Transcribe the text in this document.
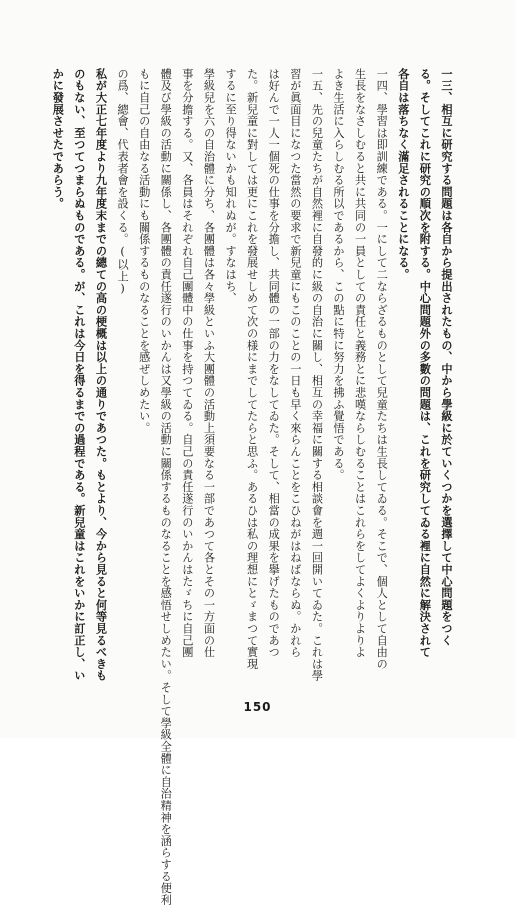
一三、相互に研究する問題は各自から提出されたもの、中から學級に於ていくつかを選擇して中心問題をつく
る。そしてこれに研究の順次を附する。中心問題外の多數の問題は、これを研究してゐる裡に自然に解決されて
各自は落ちなく滿足されることになる。
一四、學習は即訓練である。一にして二ならざるものとして兒童たちは生長してゐる。そこで、個人として自由の
生長をなさしむると共に共同の一員としての責任と義務とに悲嘆ならしむることはこれらをしてよくよりよりよ
よき生活に入らしむる所以であるから、この點に特に努力を拂ふ覺悟である。
一五、先の兒童たちが自然裡に自發的に級の自治に關し、相互の幸福に關する相談會を週一回開いてゐた。これは學
習が眞面目になつた當然の要求で新兒童にもこのことの一日も早く來らんことをこひねがはねばならぬ。かれら
は好んで一人一個死の仕事を分擔し、共同體の一部の力をなしてゐた。そして、相當の成果を擧げたものであつ
た。新兒童に對しては更にこれを發展せしめて次の様にまでしてたらと思ふ。あるひは私の理想にとゞまつて實現
するに至り得ないかも知れぬが。すなはち、
學級兒を六の自治體に分ち、各團體は各々學級といふ大團體の活動上須要なる一部であつて各とその一方面の仕
事を分擔する。又、各員はそれぞれ自己團體中の仕事を持つてゐる。自己の責任遂行のいかんはたゞちに自己團
體及び學級の活動に關係し、各團體の責任遂行のいかんは又學級の活動に關係するものなることを感悟せしめたい。そして學級全體に自治精神を涵らする便利
もに自己の自由なる活動にも關係するものなることを感ぜしめたい。
の爲、總會、代表者會を設くる。(以上)
私が大正七年度より九年度末までの總ての高の梗概は以上の通りであつた。もとより、今から見ると何等見るべきも
のもない、至つてつまらぬものである。が、これは今日を得るまでの過程である。新兒童はこれをいかに訂正し、い
かに發展させたであらう。
150
